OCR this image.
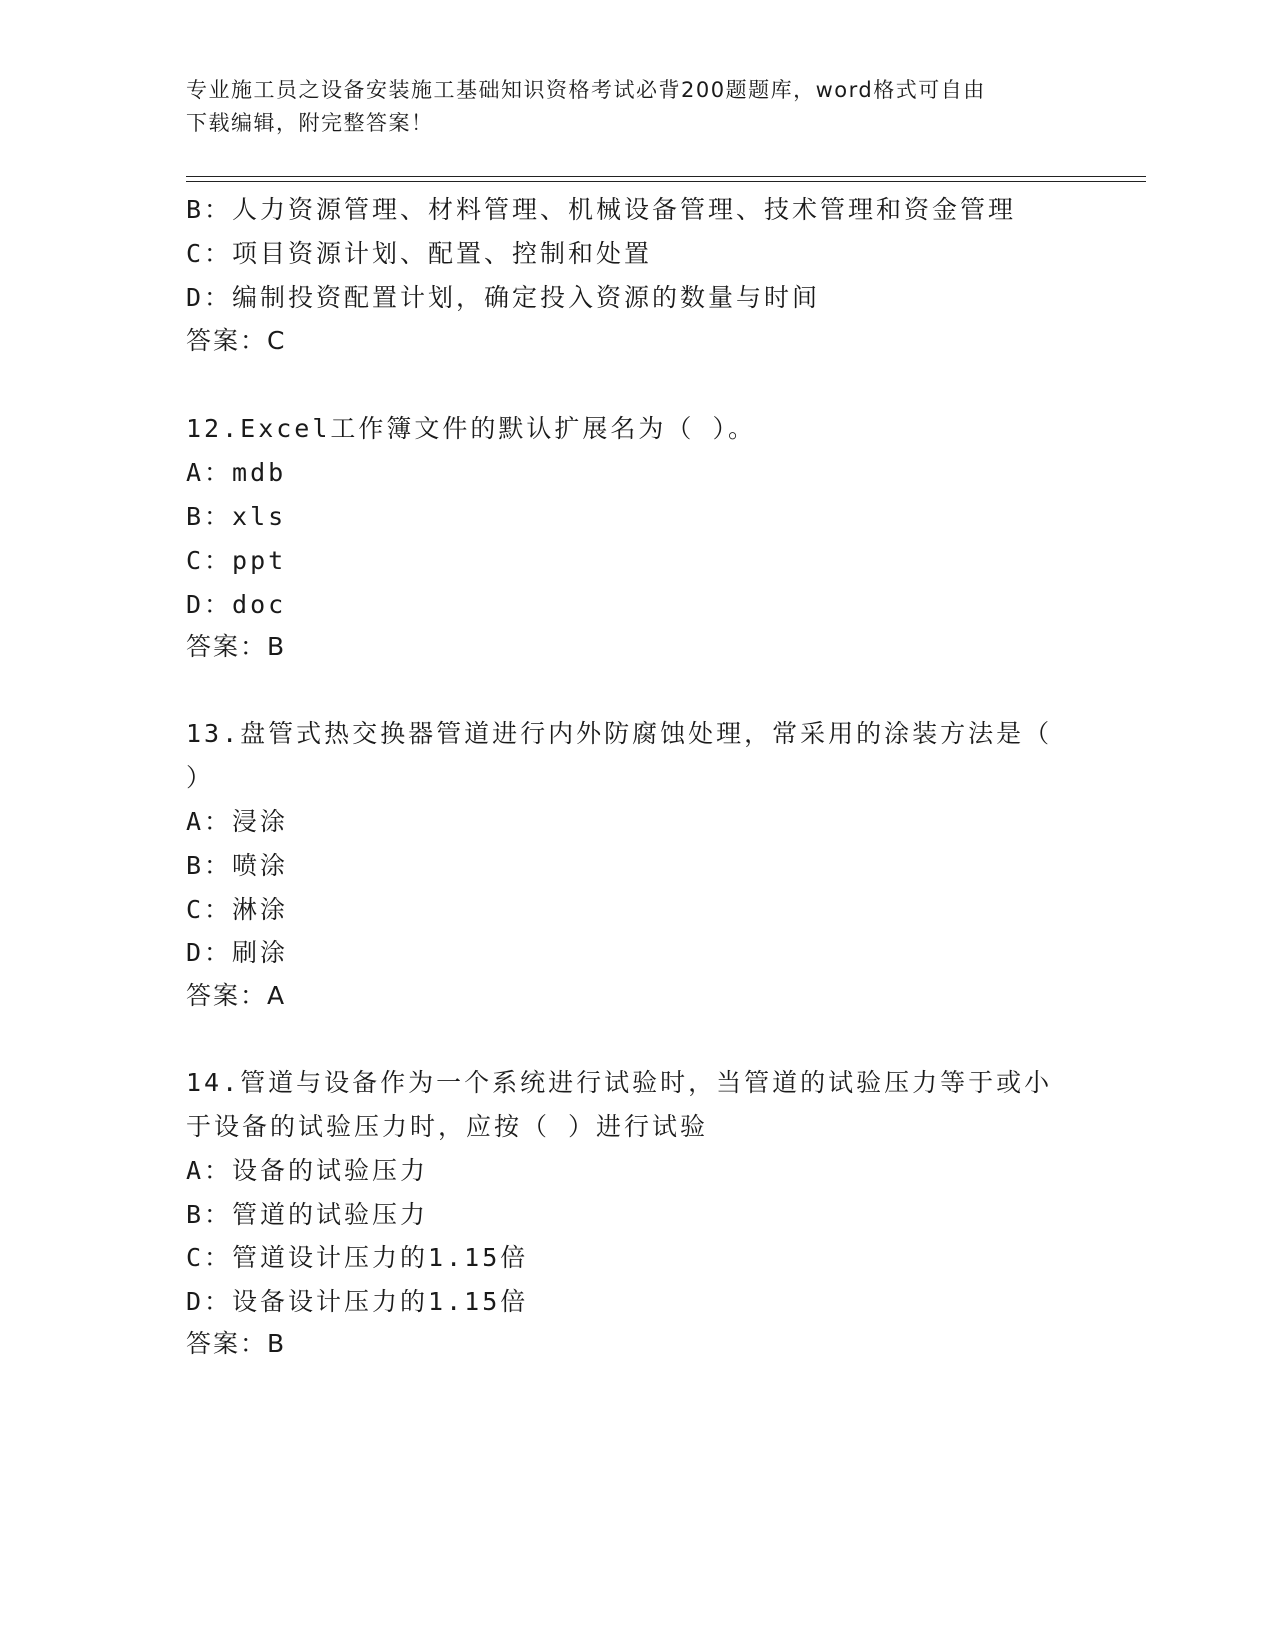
专业施工员之设备安装施工基础知识资格考试必背200题题库，word格式可自由
下载编辑，附完整答案！
B：人力资源管理、材料管理、机械设备管理、技术管理和资金管理
C：项目资源计划、配置、控制和处置
D：编制投资配置计划，确定投入资源的数量与时间
答案：C
12.Excel工作簿文件的默认扩展名为（ ）。
A：mdb
B：xls
C：ppt
D：doc
答案：B
13.盘管式热交换器管道进行内外防腐蚀处理，常采用的涂装方法是（
）
A：浸涂
B：喷涂
C：淋涂
D：刷涂
答案：A
14.管道与设备作为一个系统进行试验时，当管道的试验压力等于或小
于设备的试验压力时，应按（ ）进行试验
A：设备的试验压力
B：管道的试验压力
C：管道设计压力的1.15倍
D：设备设计压力的1.15倍
答案：B
